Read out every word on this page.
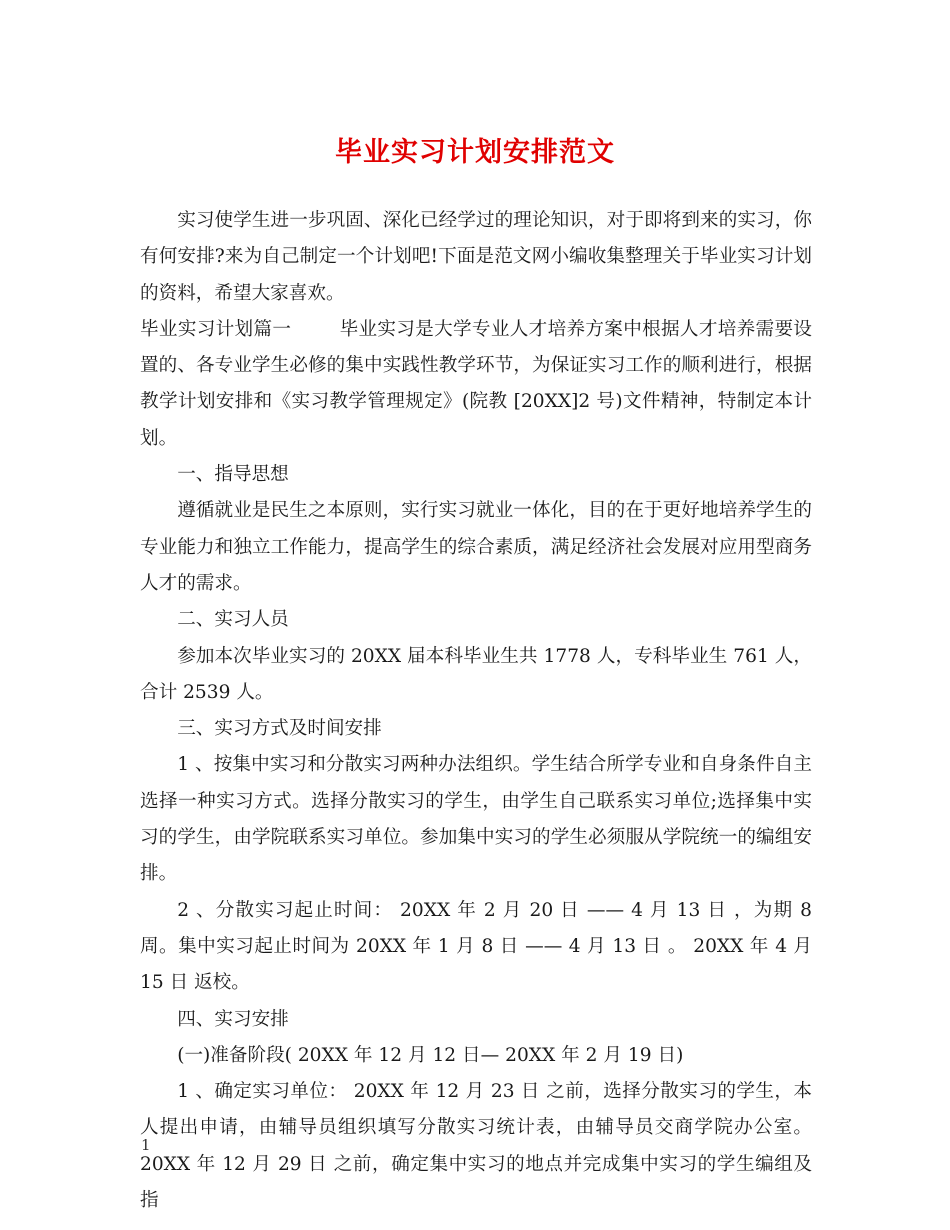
毕业实习计划安排范文

实习使学生进一步巩固、深化已经学过的理论知识，对于即将到来的实习，你有何安排?来为自己制定一个计划吧!下面是范文网小编收集整理关于毕业实习计划的资料，希望大家喜欢。

毕业实习计划篇一	毕业实习是大学专业人才培养方案中根据人才培养需要设置的、各专业学生必修的集中实践性教学环节，为保证实习工作的顺利进行，根据教学计划安排和《实习教学管理规定》(院教 [20XX]2 号)文件精神，特制定本计划。

一、指导思想

遵循就业是民生之本原则，实行实习就业一体化，目的在于更好地培养学生的专业能力和独立工作能力，提高学生的综合素质，满足经济社会发展对应用型商务人才的需求。

二、实习人员

参加本次毕业实习的 20XX 届本科毕业生共 1778 人，专科毕业生 761 人，合计 2539 人。

三、实习方式及时间安排

1 、按集中实习和分散实习两种办法组织。学生结合所学专业和自身条件自主选择一种实习方式。选择分散实习的学生，由学生自己联系实习单位;选择集中实习的学生，由学院联系实习单位。参加集中实习的学生必须服从学院统一的编组安排。

2 、分散实习起止时间： 20XX 年 2 月 20 日 —— 4 月 13 日 ，为期 8 周。集中实习起止时间为 20XX 年 1 月 8 日 —— 4 月 13 日 。 20XX 年 4 月 15 日 返校。

四、实习安排

(一)准备阶段( 20XX 年 12 月 12 日— 20XX 年 2 月 19 日)

1 、确定实习单位： 20XX 年 12 月 23 日 之前，选择分散实习的学生，本人提出申请，由辅导员组织填写分散实习统计表，由辅导员交商学院办公室。20XX 年 12 月 29 日 之前，确定集中实习的地点并完成集中实习的学生编组及指

1
